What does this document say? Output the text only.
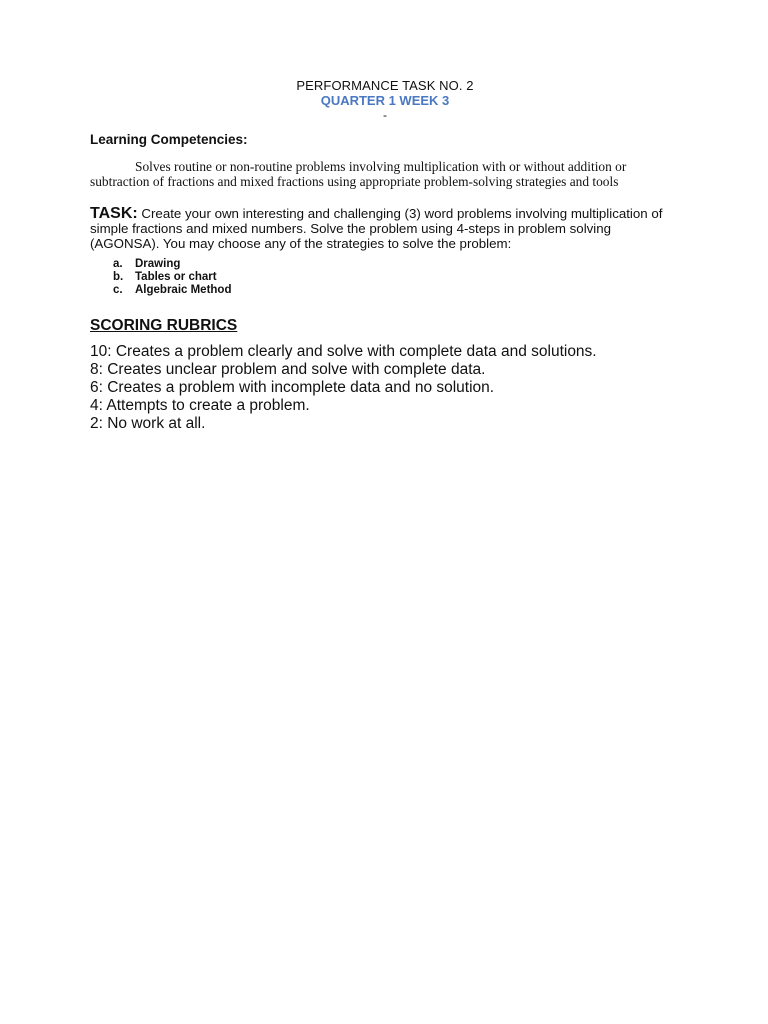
PERFORMANCE TASK NO. 2

QUARTER 1 WEEK 3

-

Learning Competencies:

Solves routine or non-routine problems involving multiplication with or without addition or subtraction of fractions and mixed fractions using appropriate problem-solving strategies and tools

TASK: Create your own interesting and challenging (3) word problems involving multiplication of simple fractions and mixed numbers. Solve the problem using 4-steps in problem solving (AGONSA). You may choose any of the strategies to solve the problem:

a.	Drawing
b.	Tables or chart
c.	Algebraic Method

SCORING RUBRICS

10: Creates a problem clearly and solve with complete data and solutions.
8: Creates unclear problem and solve with complete data.
6: Creates a problem with incomplete data and no solution.
4: Attempts to create a problem.
2: No work at all.
